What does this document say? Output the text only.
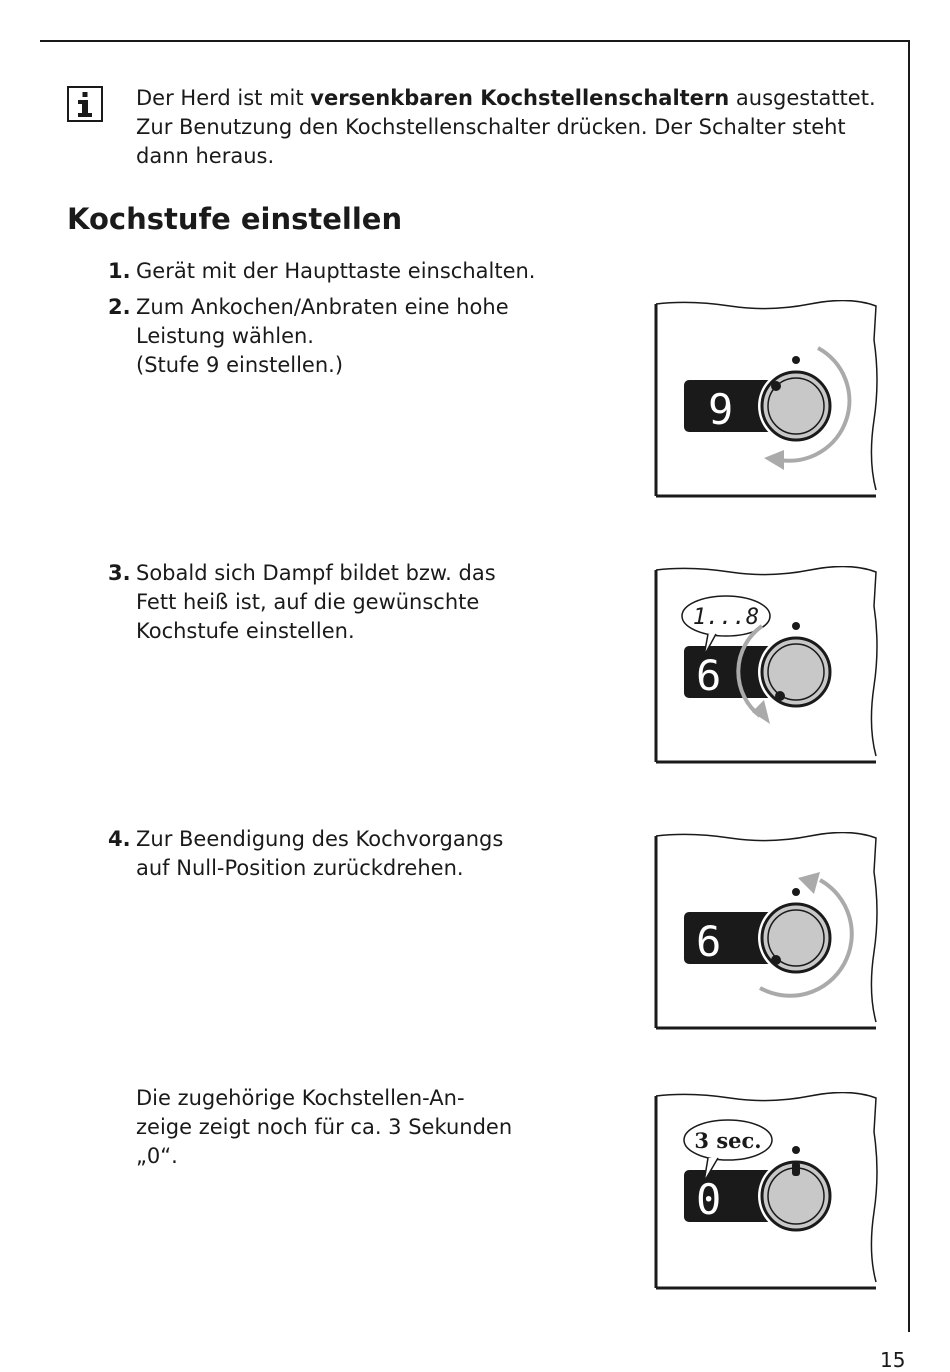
Der Herd ist mit versenkbaren Kochstellenschaltern ausgestattet. Zur Benutzung den Kochstellenschalter drücken. Der Schalter steht dann heraus.
Kochstufe einstellen
1. Gerät mit der Haupttaste einschalten.
2. Zum Ankochen/Anbraten eine hohe
Leistung wählen.
(Stufe 9 einstellen.)
3. Sobald sich Dampf bildet bzw. das
Fett heiß ist, auf die gewünschte
Kochstufe einstellen.
4. Zur Beendigung des Kochvorgangs
auf Null-Position zurückdrehen.
Die zugehörige Kochstellen-An-
zeige zeigt noch für ca. 3 Sekunden
„0“.
9
6
1...8
6
0
3 sec.
15
